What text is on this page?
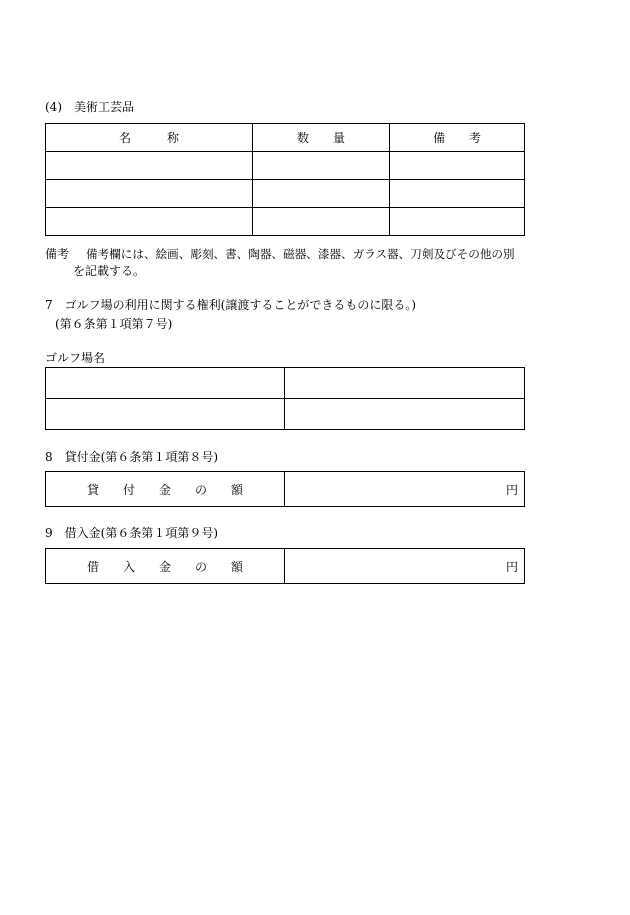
(4)　美術工芸品
名　　　称	数　　量	備　　考

備考 備考欄には、絵画、彫刻、書、陶器、磁器、漆器、ガラス器、刀剣及びその他の別
を記載する。
7　ゴルフ場の利用に関する権利(譲渡することができるものに限る。)
(第６条第１項第７号)
ゴルフ場名

8　貸付金(第６条第１項第８号)
貸　　付　　金　　の　　額	円
9　借入金(第６条第１項第９号)
借　　入　　金　　の　　額	円
